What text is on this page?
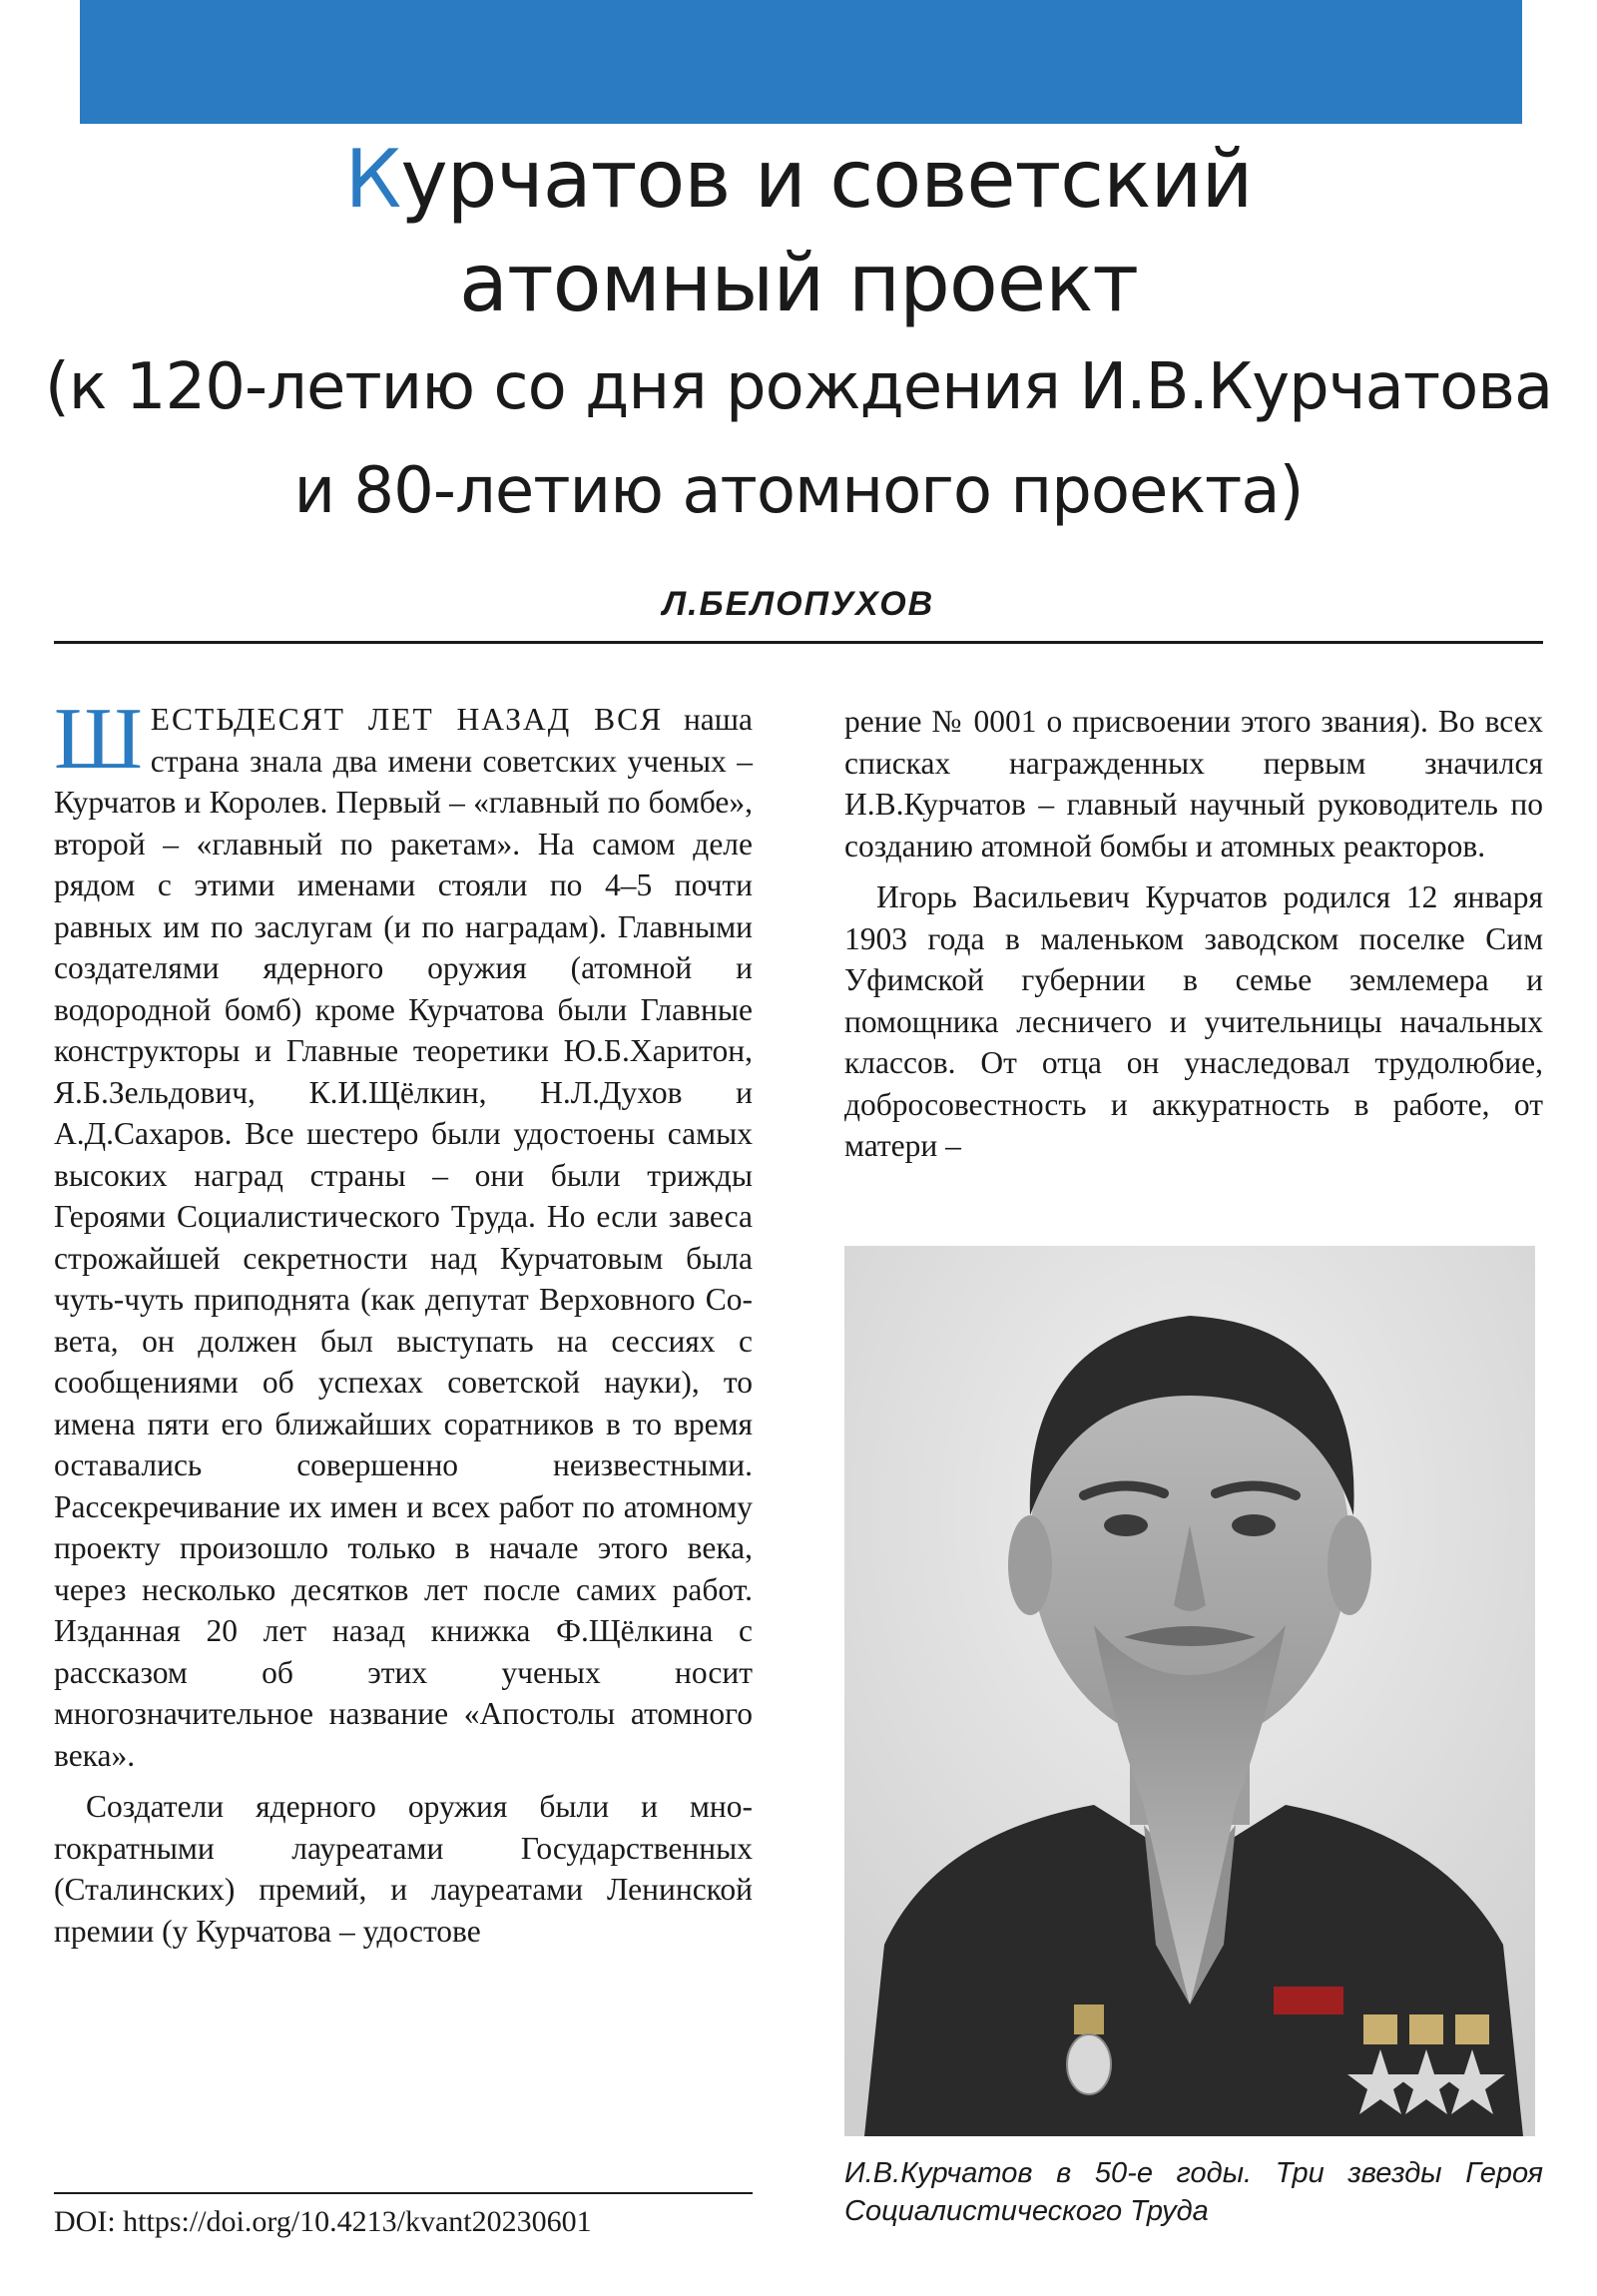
Курчатов и советский
атомный проект
(к 120-летию со дня рождения И.В.Курчатова
и 80-летию атомного проекта)
Л.БЕЛОПУХОВ

ШЕСТЬДЕСЯТ ЛЕТ НАЗАД ВСЯ наша страна знала два имени советских ученых – Курчатов и Королев. Первый – «главный по бомбе», второй – «главный по ракетам». На самом деле рядом с этими именами стояли по 4–5 почти равных им по заслугам (и по наградам). Главными создателями ядерного оружия (атомной и водородной бомб) кроме Курчатова были Главные конструкторы и Главные теоретики Ю.Б.Харитон, Я.Б.Зельдович, К.И.Щёлкин, Н.Л.Духов и А.Д.Сахаров. Все шестеро были удостоены самых высоких наград страны – они были трижды Героями Социалистического Труда. Но если завеса строжайшей секретности над Курчатовым была чуть-чуть приподнята (как депутат Верховного Совета, он должен был выступать на сессиях с сообщениями об успехах советской науки), то имена пяти его ближайших соратников в то время оставались совершенно неизвестными. Рассекречивание их имен и всех работ по атомному проекту произошло только в начале этого века, через несколько десятков лет после самих работ. Изданная 20 лет назад книжка Ф.Щёлкина с рассказом об этих ученых носит многозначительное название «Апостолы атомного века».

Создатели ядерного оружия были и многократными лауреатами Государственных (Сталинских) премий, и лауреатами Ленинской премии (у Курчатова – удостове

рение № 0001 о присвоении этого звания). Во всех списках награжденных первым значился И.В.Курчатов – главный научный руководитель по созданию атомной бомбы и атомных реакторов.

Игорь Васильевич Курчатов родился 12 января 1903 года в маленьком заводском поселке Сим Уфимской губернии в семье землемера и помощника лесничего и учительницы начальных классов. От отца он унаследовал трудолюбие, добросовестность и аккуратность в работе, от матери –

И.В.Курчатов в 50-е годы. Три звезды Героя Социалистического Труда
DOI: https://doi.org/10.4213/kvant20230601
